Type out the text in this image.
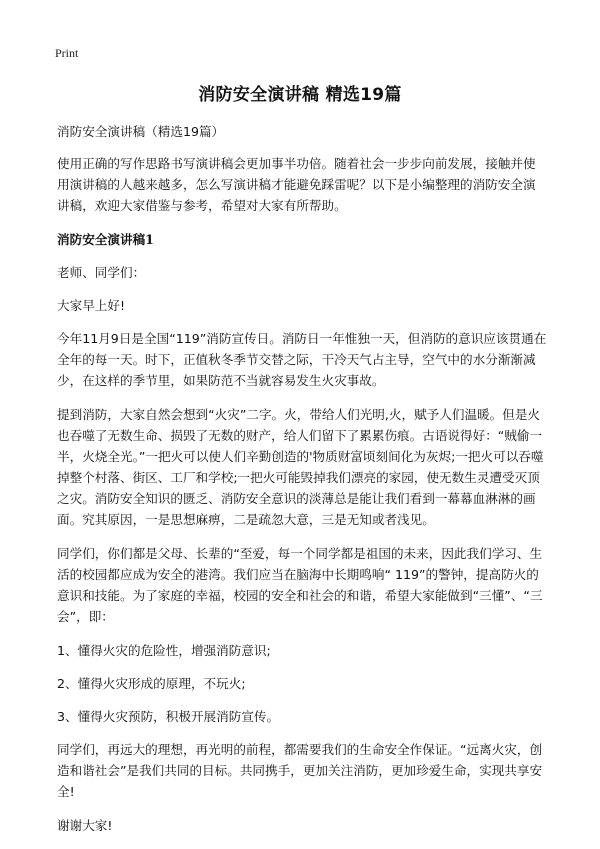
Print
消防安全演讲稿 精选19篇

消防安全演讲稿（精选19篇）

使用正确的写作思路书写演讲稿会更加事半功倍。随着社会一步步向前发展，接触并使用演讲稿的人越来越多，怎么写演讲稿才能避免踩雷呢？以下是小编整理的消防安全演讲稿，欢迎大家借鉴与参考，希望对大家有所帮助。

消防安全演讲稿1

老师、同学们：

大家早上好!

今年11月9日是全国“119”消防宣传日。消防日一年惟独一天，但消防的意识应该贯通在全年的每一天。时下，正值秋冬季节交替之际，干冷天气占主导，空气中的水分渐渐减少，在这样的季节里，如果防范不当就容易发生火灾事故。

提到消防，大家自然会想到“火灾”二字。火，带给人们光明,火，赋予人们温暖。但是火也吞噬了无数生命、损毁了无数的财产，给人们留下了累累伤痕。古语说得好：“贼偷一半，火烧全光。”一把火可以使人们辛勤创造的'物质财富顷刻间化为灰烬;一把火可以吞噬掉整个村落、街区、工厂和学校;一把火可能毁掉我们漂亮的家园，使无数生灵遭受灭顶之灾。消防安全知识的匮乏、消防安全意识的淡薄总是能让我们看到一幕幕血淋淋的画面。究其原因，一是思想麻痹，二是疏忽大意，三是无知或者浅见。

同学们，你们都是父母、长辈的“至爱，每一个同学都是祖国的未来，因此我们学习、生活的校园都应成为安全的港湾。我们应当在脑海中长期鸣响“ 119”的警钟，提高防火的意识和技能。为了家庭的幸福，校园的安全和社会的和谐，希望大家能做到“三懂”、“三会”，即：

1、懂得火灾的危险性，增强消防意识;

2、懂得火灾形成的原理，不玩火;

3、懂得火灾预防，积极开展消防宣传。

同学们，再远大的理想，再光明的前程，都需要我们的生命安全作保证。“远离火灾，创造和谐社会”是我们共同的目标。共同携手，更加关注消防，更加珍爱生命，实现共享安全!

谢谢大家!
